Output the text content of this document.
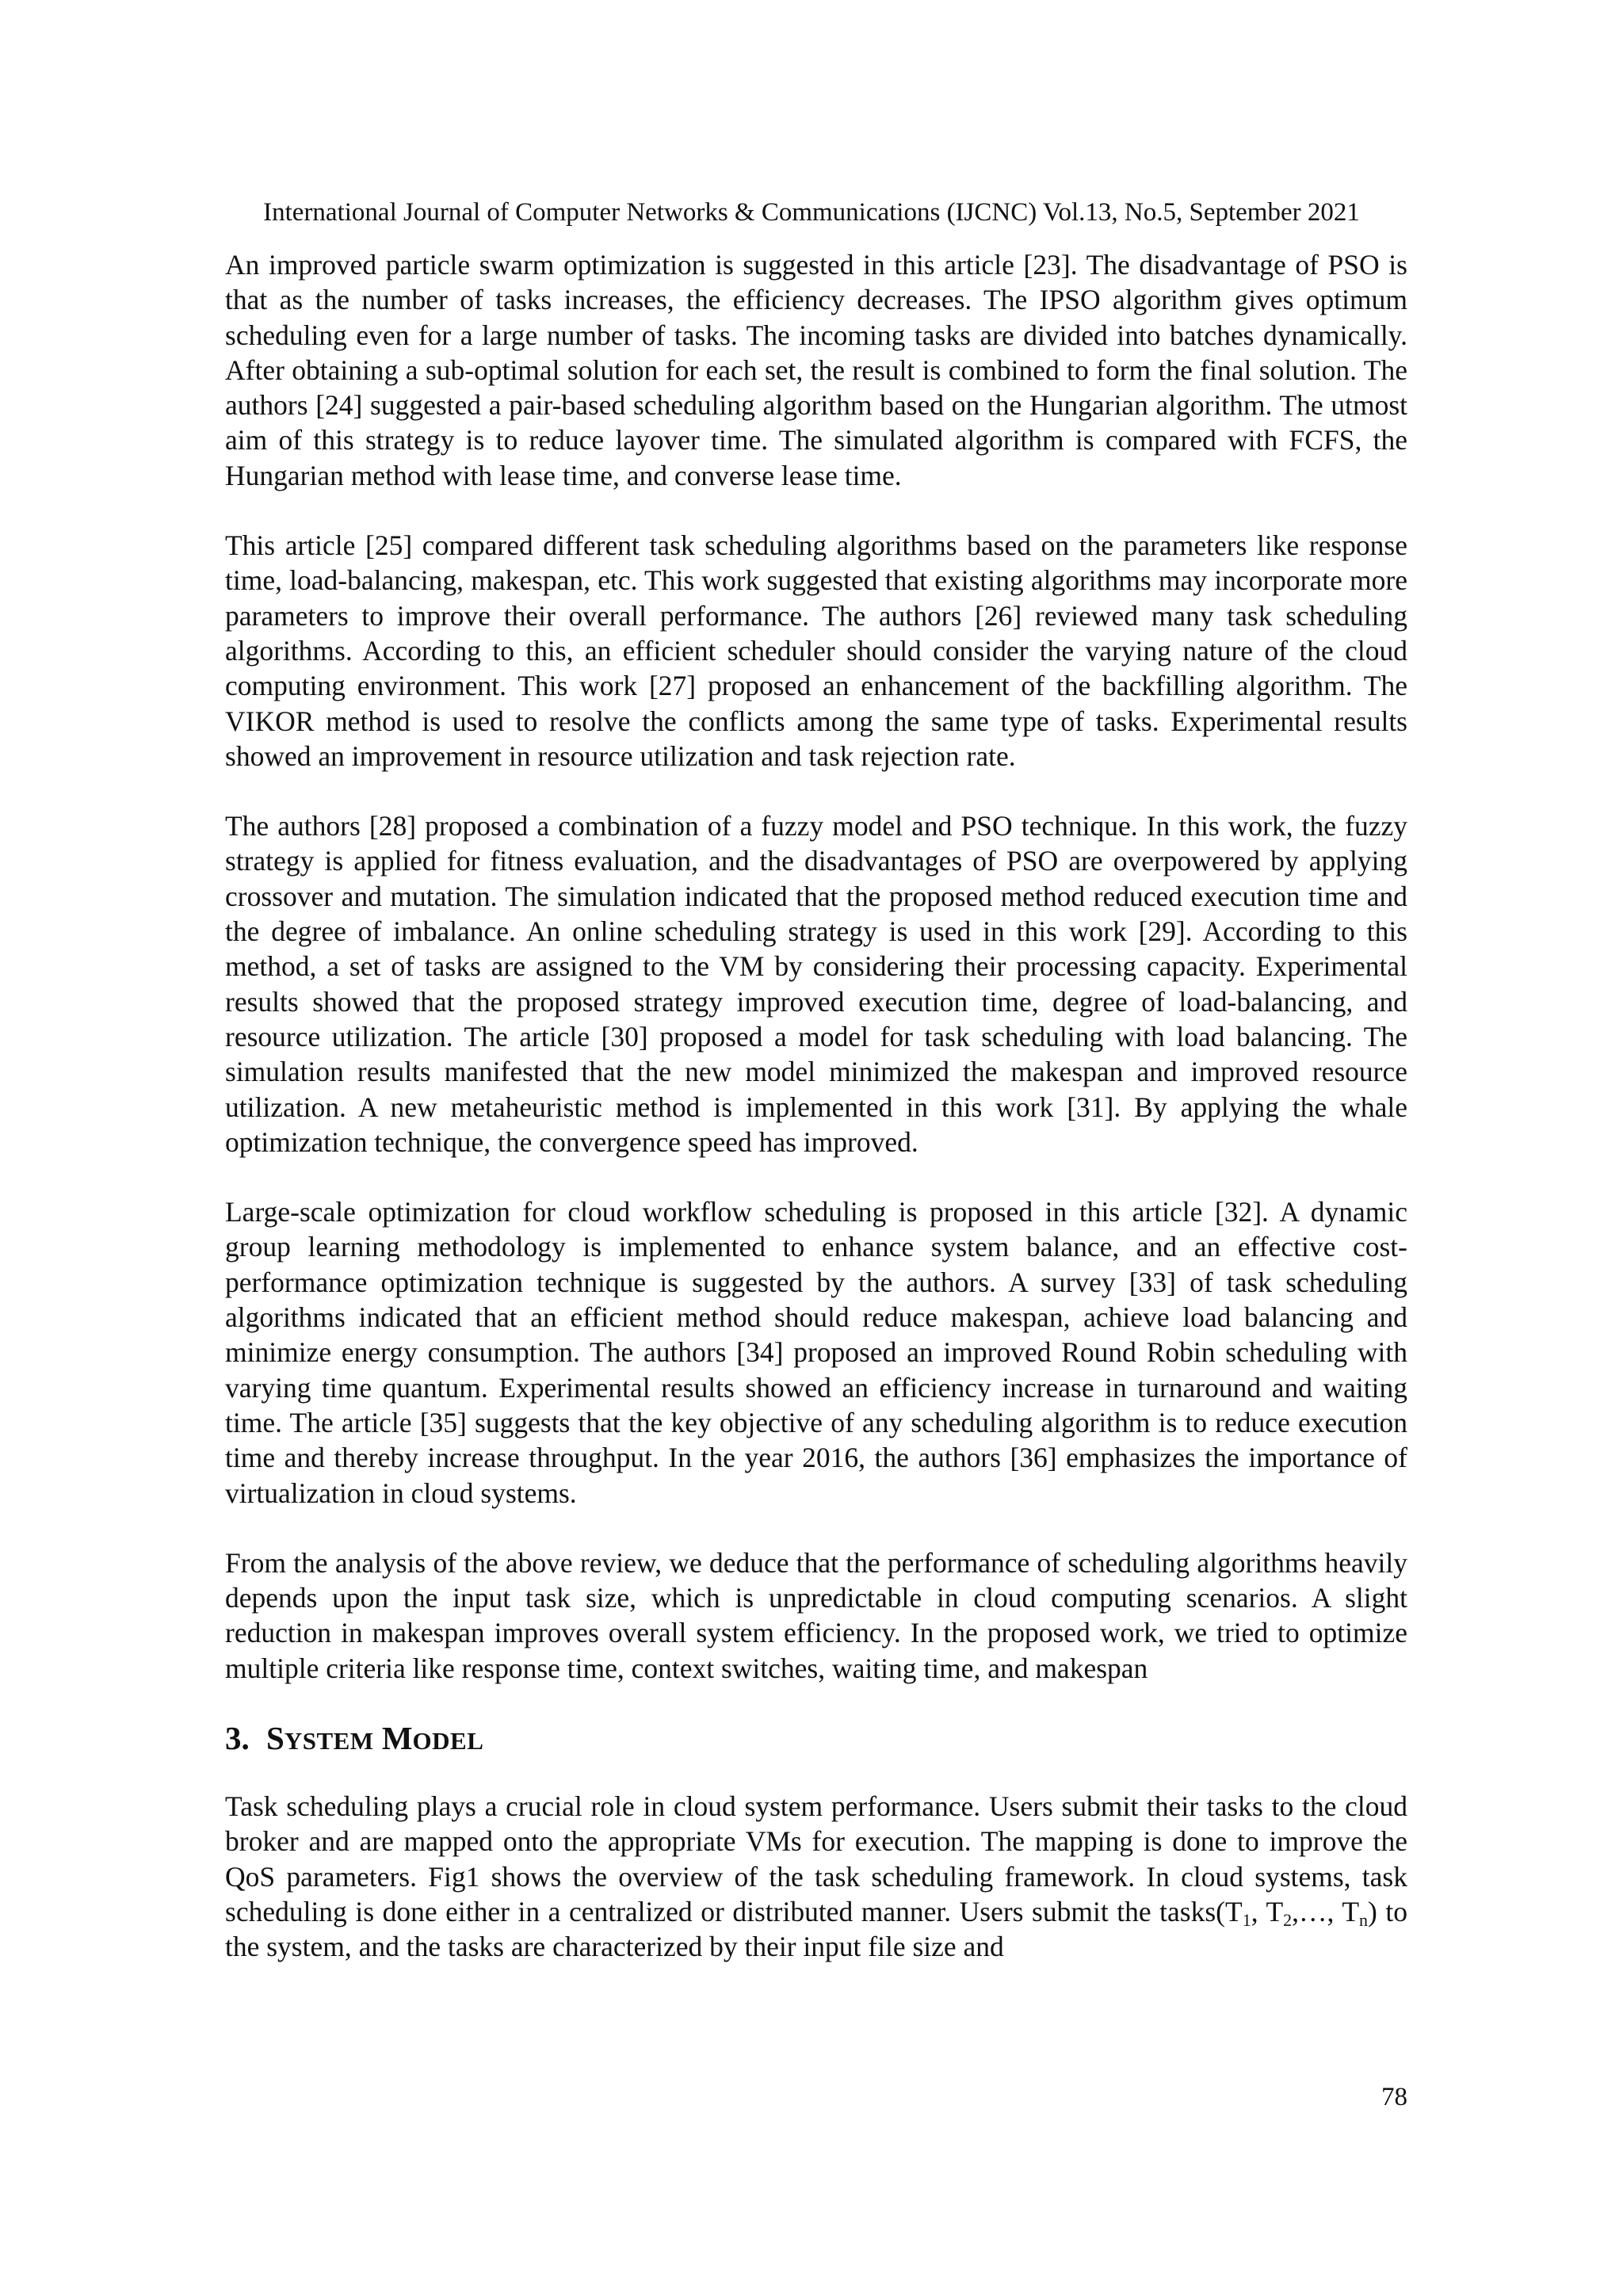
International Journal of Computer Networks & Communications (IJCNC) Vol.13, No.5, September 2021

An improved particle swarm optimization is suggested in this article [23]. The disadvantage of PSO is that as the number of tasks increases, the efficiency decreases. The IPSO algorithm gives optimum scheduling even for a large number of tasks. The incoming tasks are divided into batches dynamically. After obtaining a sub-optimal solution for each set, the result is combined to form the final solution. The authors [24] suggested a pair-based scheduling algorithm based on the Hungarian algorithm. The utmost aim of this strategy is to reduce layover time. The simulated algorithm is compared with FCFS, the Hungarian method with lease time, and converse lease time.

This article [25] compared different task scheduling algorithms based on the parameters like response time, load-balancing, makespan, etc. This work suggested that existing algorithms may incorporate more parameters to improve their overall performance. The authors [26] reviewed many task scheduling algorithms. According to this, an efficient scheduler should consider the varying nature of the cloud computing environment. This work [27] proposed an enhancement of the backfilling algorithm. The VIKOR method is used to resolve the conflicts among the same type of tasks. Experimental results showed an improvement in resource utilization and task rejection rate.

The authors [28] proposed a combination of a fuzzy model and PSO technique. In this work, the fuzzy strategy is applied for fitness evaluation, and the disadvantages of PSO are overpowered by applying crossover and mutation. The simulation indicated that the proposed method reduced execution time and the degree of imbalance. An online scheduling strategy is used in this work [29]. According to this method, a set of tasks are assigned to the VM by considering their processing capacity. Experimental results showed that the proposed strategy improved execution time, degree of load-balancing, and resource utilization. The article [30] proposed a model for task scheduling with load balancing. The simulation results manifested that the new model minimized the makespan and improved resource utilization. A new metaheuristic method is implemented in this work [31]. By applying the whale optimization technique, the convergence speed has improved.

Large-scale optimization for cloud workflow scheduling is proposed in this article [32]. A dynamic group learning methodology is implemented to enhance system balance, and an effective cost-performance optimization technique is suggested by the authors. A survey [33] of task scheduling algorithms indicated that an efficient method should reduce makespan, achieve load balancing and minimize energy consumption. The authors [34] proposed an improved Round Robin scheduling with varying time quantum. Experimental results showed an efficiency increase in turnaround and waiting time. The article [35] suggests that the key objective of any scheduling algorithm is to reduce execution time and thereby increase throughput. In the year 2016, the authors [36] emphasizes the importance of virtualization in cloud systems.

From the analysis of the above review, we deduce that the performance of scheduling algorithms heavily depends upon the input task size, which is unpredictable in cloud computing scenarios. A slight reduction in makespan improves overall system efficiency. In the proposed work, we tried to optimize multiple criteria like response time, context switches, waiting time, and makespan

3. SYSTEM MODEL

Task scheduling plays a crucial role in cloud system performance. Users submit their tasks to the cloud broker and are mapped onto the appropriate VMs for execution. The mapping is done to improve the QoS parameters. Fig1 shows the overview of the task scheduling framework. In cloud systems, task scheduling is done either in a centralized or distributed manner. Users submit the $tasks(T_1$, $T_2,\dots$, $T_n$) to the system, and the tasks are characterized by their input file size and

78
